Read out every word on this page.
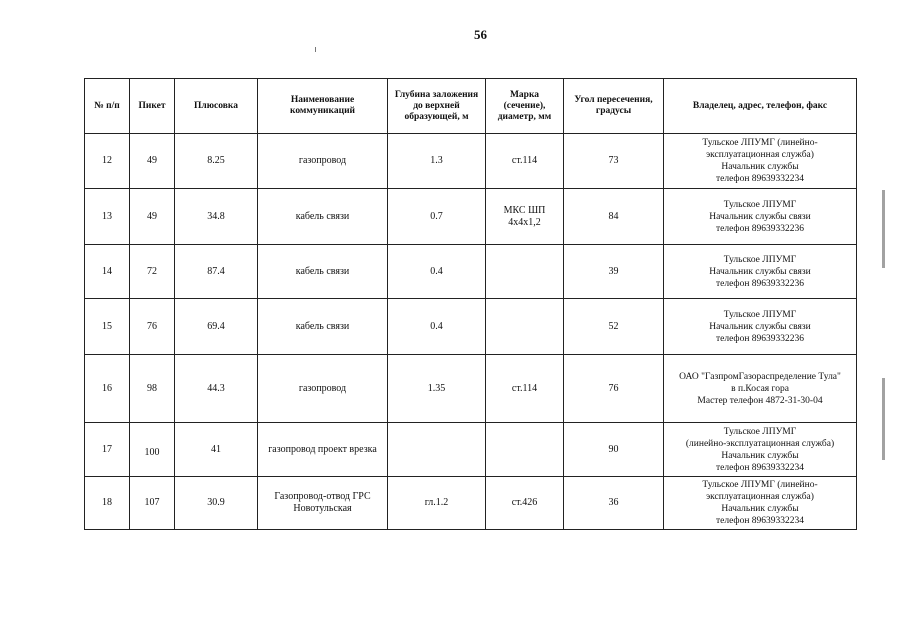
56
№ п/п	Пикет	Плюсовка	Наименование коммуникаций	Глубина заложения до верхней образующей, м	Марка (сечение), диаметр, мм	Угол пересечения, градусы	Владелец, адрес, телефон, факс
12	49	8.25	газопровод	1.3	ст.114	73	Тульское ЛПУМГ (линейно-
эксплуатационная служба)
Начальник службы
телефон 89639332234

13	49	34.8	кабель связи	0.7	МКС ШП 4х4х1,2	84	Тульское ЛПУМГ
Начальник службы связи
телефон 89639332236

14	72	87.4	кабель связи	0.4		39	Тульское ЛПУМГ
Начальник службы связи
телефон 89639332236

15	76	69.4	кабель связи	0.4		52	Тульское ЛПУМГ
Начальник службы связи
телефон 89639332236

16	98	44.3	газопровод	1.35	ст.114	76	ОАО "ГазпромГазораспределение Тула"
в п.Косая гора
Мастер телефон 4872-31-30-04

17	100	41	газопровод проект врезка			90	Тульское ЛПУМГ
(линейно-эксплуатационная служба)
Начальник службы
телефон 89639332234

18	107	30.9	Газопровод-отвод ГРС Новотульская	гл.1.2	ст.426	36	Тульское ЛПУМГ (линейно-
эксплуатационная служба)
Начальник службы
телефон 89639332234
